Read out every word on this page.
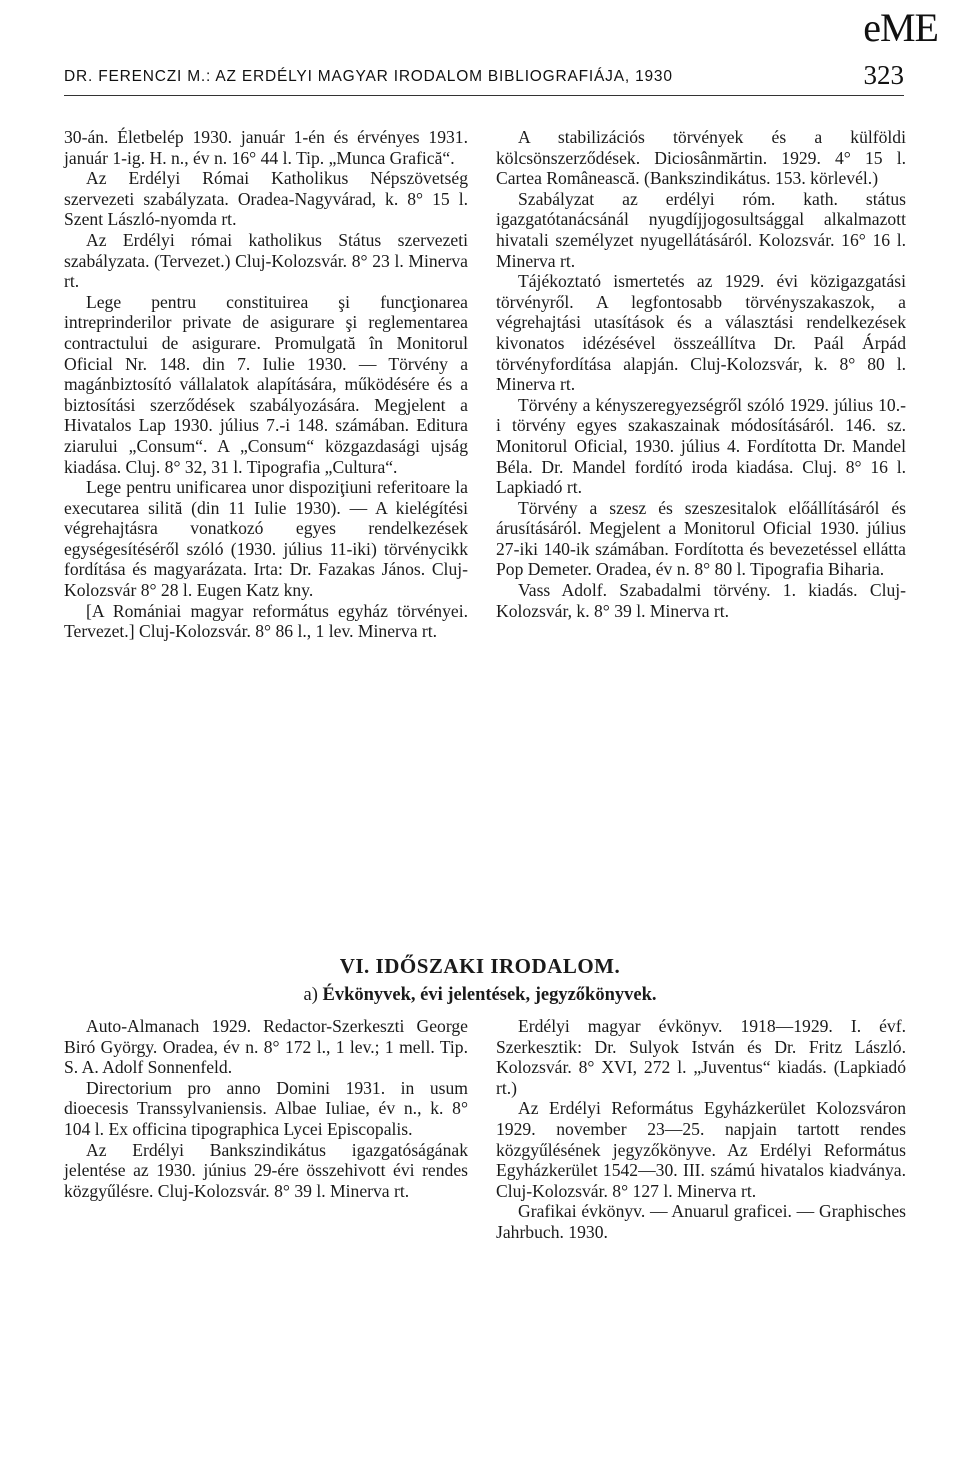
eME
DR. FERENCZI M.: AZ ERDÉLYI MAGYAR IRODALOM BIBLIOGRAFIÁJA, 1930	323

30-án. Életbelép 1930. január 1-én és érvényes 1931. január 1-ig. H. n., év n. 16° 44 l. Tip. „Munca Grafică“.

Az Erdélyi Római Katholikus Népszövetség szervezeti szabályzata. Oradea-Nagyvárad, k. 8° 15 l. Szent László-nyomda rt.

Az Erdélyi római katholikus Státus szervezeti szabályzata. (Tervezet.) Cluj-Kolozsvár. 8° 23 l. Minerva rt.

Lege pentru constituirea şi funcţionarea intreprinderilor private de asigurare şi reglementarea contractului de asigurare. Promulgată în Monitorul Oficial Nr. 148. din 7. Iulie 1930. — Törvény a magánbiztosító vállalatok alapítására, működésére és a biztosítási szerződések szabályozására. Megjelent a Hivatalos Lap 1930. július 7.-i 148. számában. Editura ziarului „Consum“. A „Consum“ közgazdasági ujság kiadása. Cluj. 8° 32, 31 l. Tipografia „Cultura“.

Lege pentru unificarea unor dispoziţiuni referitoare la executarea silită (din 11 Iulie 1930). — A kielégítési végrehajtásra vonatkozó egyes rendelkezések egységesítéséről szóló (1930. július 11-iki) törvénycikk fordítása és magyarázata. Irta: Dr. Fazakas János. Cluj-Kolozsvár 8° 28 l. Eugen Katz kny.

[A Romániai magyar református egyház törvényei. Tervezet.] Cluj-Kolozsvár. 8° 86 l., 1 lev. Minerva rt.

A stabilizációs törvények és a külföldi kölcsönszerződések. Diciosânmărtin. 1929. 4° 15 l. Cartea Românească. (Bankszindikátus. 153. körlevél.)

Szabályzat az erdélyi róm. kath. státus igazgatótanácsánál nyugdíjjogosultsággal alkalmazott hivatali személyzet nyugellátásáról. Kolozsvár. 16° 16 l. Minerva rt.

Tájékoztató ismertetés az 1929. évi közigazgatási törvényről. A legfontosabb törvényszakaszok, a végrehajtási utasítások és a választási rendelkezések kivonatos idézésével összeállítva Dr. Paál Árpád törvényfordítása alapján. Cluj-Kolozsvár, k. 8° 80 l. Minerva rt.

Törvény a kényszeregyezségről szóló 1929. július 10.-i törvény egyes szakaszainak módosításáról. 146. sz. Monitorul Oficial, 1930. július 4. Fordította Dr. Mandel Béla. Dr. Mandel fordító iroda kiadása. Cluj. 8° 16 l. Lapkiadó rt.

Törvény a szesz és szeszesitalok előállításáról és árusításáról. Megjelent a Monitorul Oficial 1930. július 27-iki 140-ik számában. Fordította és bevezetéssel ellátta Pop Demeter. Oradea, év n. 8° 80 l. Tipografia Biharia.

Vass Adolf. Szabadalmi törvény. 1. kiadás. Cluj-Kolozsvár, k. 8° 39 l. Minerva rt.

VI. IDŐSZAKI IRODALOM.
a) Évkönyvek, évi jelentések, jegyzőkönyvek.

Auto-Almanach 1929. Redactor-Szerkeszti George Biró György. Oradea, év n. 8° 172 l., 1 lev.; 1 mell. Tip. S. A. Adolf Sonnenfeld.

Directorium pro anno Domini 1931. in usum dioecesis Transsylvaniensis. Albae Iuliae, év n., k. 8° 104 l. Ex officina tipographica Lycei Episcopalis.

Az Erdélyi Bankszindikátus igazgatóságának jelentése az 1930. június 29-ére összehivott évi rendes közgyűlésre. Cluj-Kolozsvár. 8° 39 l. Minerva rt.

Erdélyi magyar évkönyv. 1918—1929. I. évf. Szerkesztik: Dr. Sulyok István és Dr. Fritz László. Kolozsvár. 8° XVI, 272 l. „Juventus“ kiadás. (Lapkiadó rt.)

Az Erdélyi Református Egyházkerület Kolozsváron 1929. november 23—25. napjain tartott rendes közgyűlésének jegyzőkönyve. Az Erdélyi Református Egyházkerület 1542—30. III. számú hivatalos kiadványa. Cluj-Kolozsvár. 8° 127 l. Minerva rt.

Grafikai évkönyv. — Anuarul graficei. — Graphisches Jahrbuch. 1930.
